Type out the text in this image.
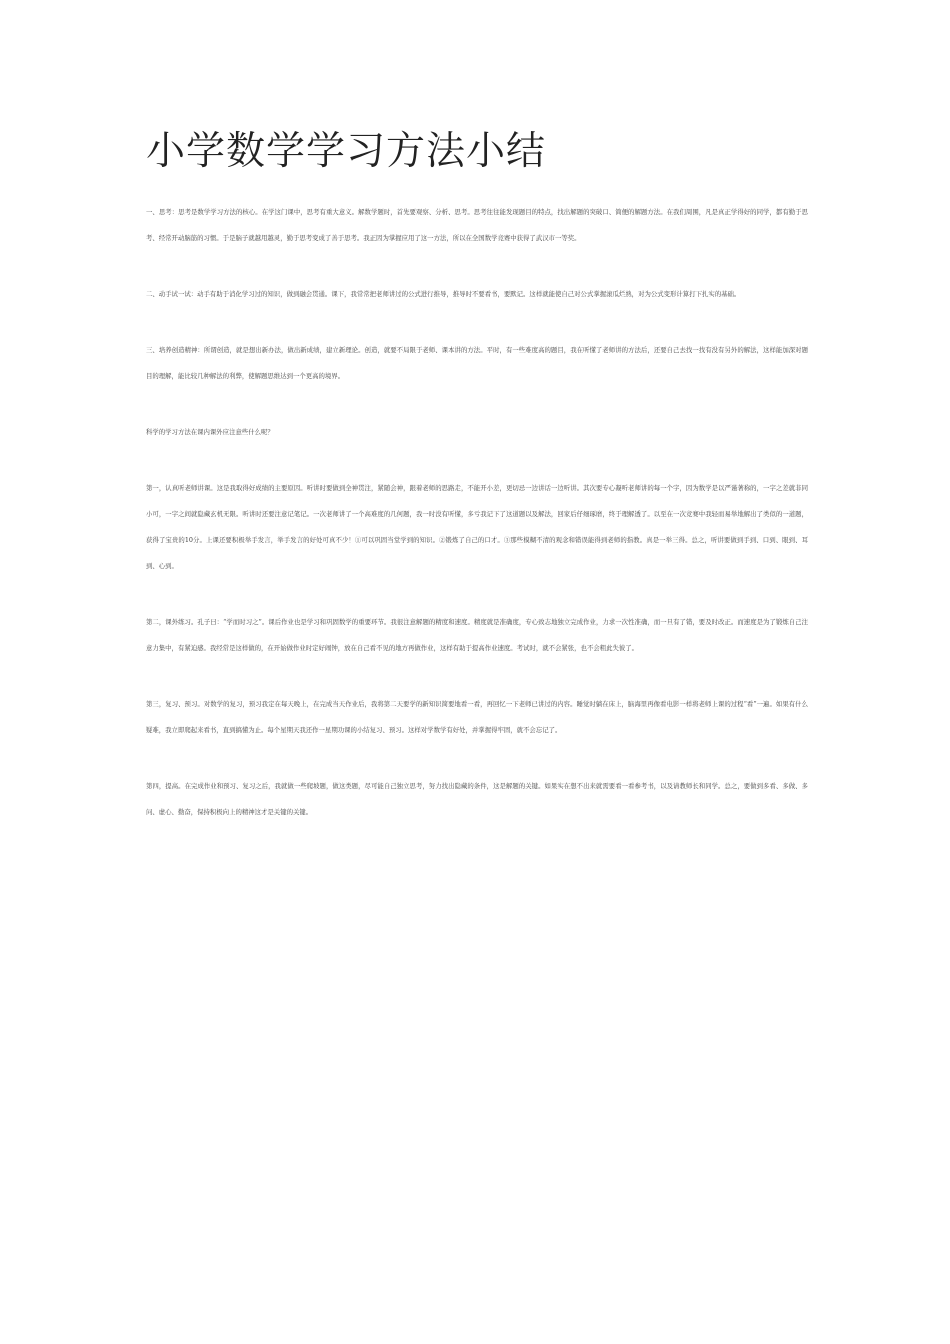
小学数学学习方法小结

一、思考：思考是数学学习方法的核心。在学这门课中，思考有重大意义。解数学题时，首先要观察、分析、思考。思考往往能发现题目的特点，找出解题的突破口、简便的解题方法。在我们周围，凡是真正学得好的同学，都有勤于思考、经常开动脑筋的习惯。于是脑子就越用越灵，勤于思考变成了善于思考。我正因为掌握应用了这一方法，所以在全国数学竞赛中获得了武汉市一等奖。

二、动手试一试：动手有助于消化学习过的知识，做到融会贯通。课下，我常常把老师讲过的公式进行推导，推导时不要看书，要默记。这样就能使自己对公式掌握滚瓜烂熟，对为公式变形计算打下扎实的基础。

三、培养创造精神：所谓创造，就是想出新办法，做出新成绩，建立新理论。创造，就要不局限于老师、课本讲的方法。平时，有一些难度高的题目，我在听懂了老师讲的方法后，还要自己去找一找有没有另外的解法，这样能加深对题目的理解，能比较几种解法的利弊，使解题思维达到一个更高的境界。

科学的学习方法在课内课外应注意些什么呢？

第一，认真听老师讲课。这是我取得好成绩的主要原因。听讲时要做到全神贯注，紧随会神，跟着老师的思路走，不能开小差，更切忌一边讲话一边听讲。其次要专心凝听老师讲的每一个字，因为数学是以严谨著称的，一字之差就非同小可，一字之间就隐藏玄机无限。听讲时还要注意记笔记。一次老师讲了一个高难度的几何题，我一时没有听懂，多亏我记下了这道题以及解法，回家后仔细琢磨，终于理解透了。以至在一次竞赛中我轻而易举地解出了类似的一道题，获得了宝贵的10分。上课还要积极举手发言，举手发言的好处可真不少！①可以巩固当堂学到的知识。②锻炼了自己的口才。③那些模糊不清的观念和错误能得到老师的指教。真是一举三得。总之，听讲要做到手到、口到、眼到、耳到、心到。

第二，课外练习。孔子曰：“学而时习之”。课后作业也是学习和巩固数学的重要环节。我很注意解题的精度和速度。精度就是准确度，专心致志地独立完成作业，力求一次性准确，而一旦有了错，要及时改正。而速度是为了锻炼自己注意力集中，有紧迫感。我经常是这样做的，在开始做作业时定好闹钟，放在自己看不见的地方再做作业，这样有助于提高作业速度。考试时，就不会紧张，也不会粗此失彼了。

第三，复习、预习。对数学的复习，预习我定在每天晚上，在完成当天作业后，我将第二天要学的新知识简要地看一看，再回忆一下老师已讲过的内容。睡觉时躺在床上，脑海里再像看电影一样将老师上课的过程“看”一遍。如果有什么疑难，我立即爬起来看书，直到搞懂为止。每个星期天我还作一星期功课的小结复习、预习。这样对学数学有好处，并掌握得牢固，就不会忘记了。

第四，提高。在完成作业和预习、复习之后，我就做一些爬坡题，做这类题，尽可能自己独立思考，努力找出隐藏的条件，这是解题的关键。如果实在想不出来就需要看一看参考书，以及请教师长和同学。总之，要做到多看、多做、多问、虚心、勤奋，保持积极向上的精神这才是关键的关键。
